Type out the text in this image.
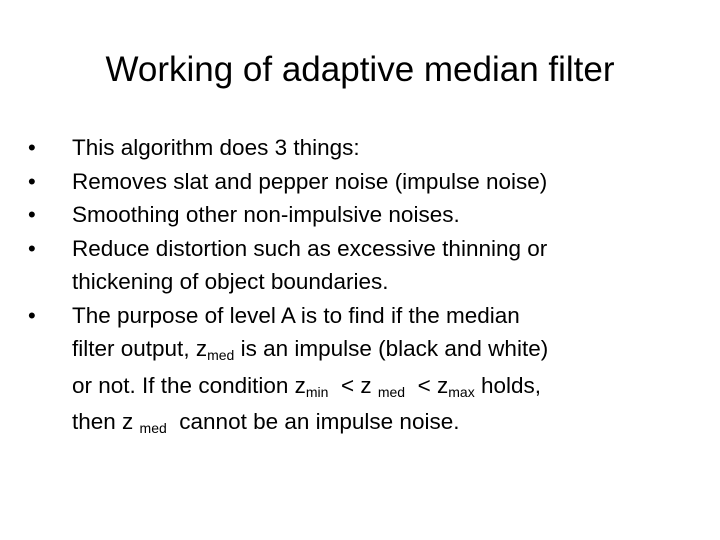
Working of adaptive median filter
•	This algorithm does 3 things:
•	Removes slat and pepper noise (impulse noise)
•	Smoothing other non-impulsive noises.
•	Reduce distortion such as excessive thinning or
thickening of object boundaries.
•	The purpose of level A is to find if the median
filter output, zmed is an impulse (black and white)
or not. If the condition zmin  < z med  < zmax holds,
then z med  cannot be an impulse noise.
